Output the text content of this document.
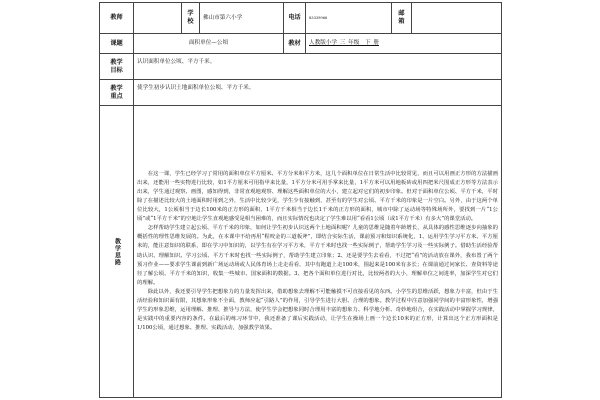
教师		学校	佛山市第六小学	电话	83339966	邮
箱	

课题	面积单位—公顷			教材	人教版小学_三_年级__下_册		

教学
目标	认识面积单位公顷、平方千米。						

教学
重点	使学生初步认识土地面积单位公顷、平方千米。						

教学思路	在这一课，学生已经学习了常用的面积单位平方厘米、平方分米和平方米，这几个面积单位在日常生活中比较常见，而且可以用画正方形的方法描画出来，还能用一些实物进行比较，如1平方厘米可用指甲来比量，1平方分米可用手掌来比量，1平方米可以用地板砖或用四把米尺围成正方形等方法表示出来，学生通过观察、画图，感知得到，非常直观地观察、理解这些面积单位的大小，建立起对它们的初步印象。但对于面积单位公顷、平方千米，平时除了在描述比较大的土地面积时用到之外，生活中比较少见，学生少有接触到，甚至有的学生对公顷、平方千米的印象是一片空白。另外，由于这两个单位比较大，1公顷相当于边长100米的正方形的面积，1平方千米相当于边长1千米的正方形的面积，城市中除了运动场等特殊场所外，要找到一片“1公顷”或“1平方千米”的空地让学生直观地感受是相当困难的，而且实际情况也决定了学生难以用“看看1公顷（或1平方千米）有多大”的课堂活动。

怎样帮助学生建立起公顷、平方千米的印象，如何让学生初步认识这两个土地面积呢？儿童的思维是随着年龄增长，从具体的感性思维逐步向抽象的概括性的理性思维发展的。为此，在本课中不给再用“程咬金的三道板斧”，即结合实际生活，课前预习和知识系统化，1、运用学生学习平方米、平方厘米的，能注意知识的联系，即在学习中知识的，以学生有在学习平方米，平方千米时也找一些实际例子，帮助学生学习及一些实际例子。借助生活经验帮助认识、理解知识。学习公顷、平方千米时也找一些实际例子，帮助学生建立印象；2、还是要学生去看看，不过把“看”的活动放在课外，我布置了两个预习作业——要求学生课前到新广场运动场或人民体育场上走走看看，其中有跑道上走100米，围起来是100米有多长；在课前通过问家长、查资料等途径了解公顷、平方千米的知识，收集一些城市、国家面积的数据。3、把各个面积单位进行对比，比较两者的大小，理解单位之间进率，加深学生对它们的理解。

除此以外，我还要引导学生把想象力的力量发挥出来，借助想象去理解不可能触摸不可直接看见的东西。小学生的思维活跃，想象力丰富，但由于生活经验和知识面有限，其想象形象不全面，教师应起“引路人”的作用，引导学生进行大胆、合理的想象。教学过程中注意加强同学间的丰富形象性，增强学生的形象思维，运用理解、推理、推导与方法，使学生学会把想象同时合理用丰富的想象力、科学地分析、奇妙地组合，在实践活动中掌握学习规律，是实践中的重要内容的条件。在最后的练习环节中，我还准备了课后实践活动，让学生在操场上画一个边长10米的正方形，计算出这个正方形面积是1/100公顷，通过想象、推理、实践活动，加强教学效果。						
